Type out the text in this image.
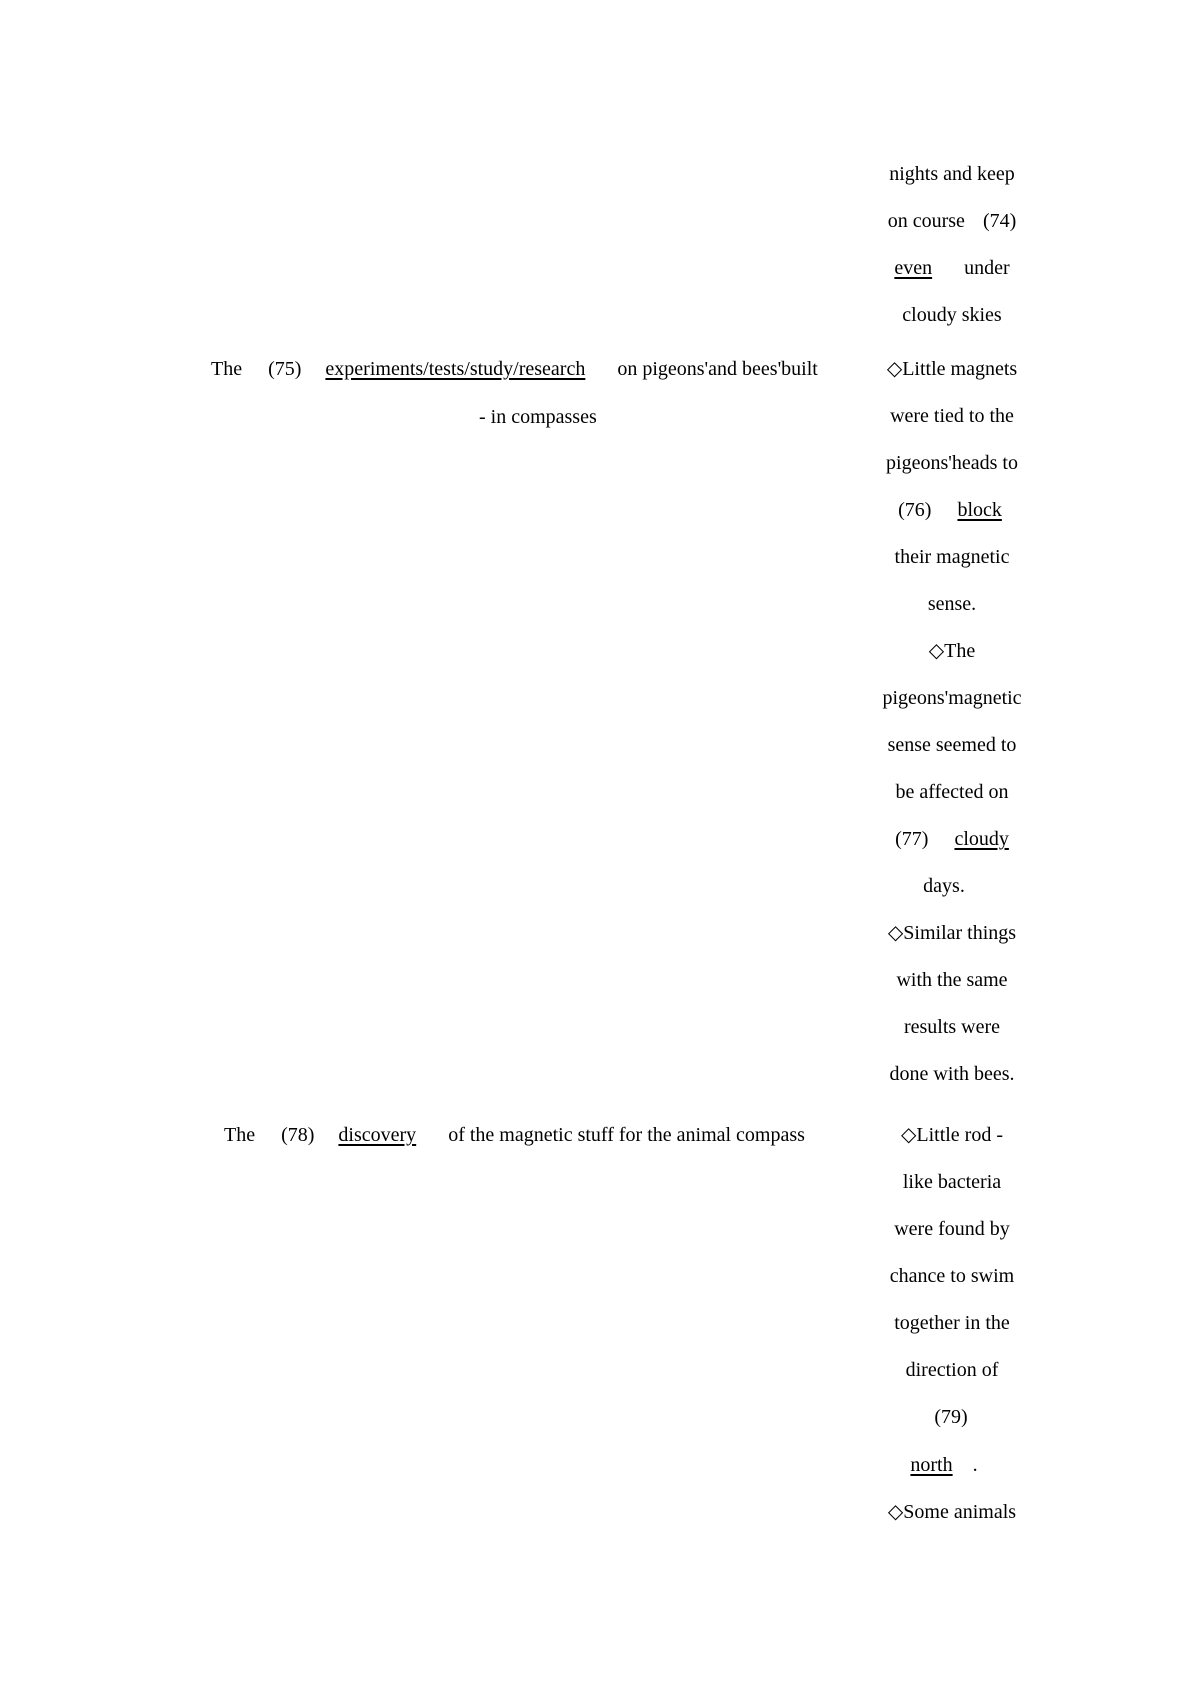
nights and keep
on course (74)
even under
cloudy skies
The (75) experiments/tests/study/research on pigeons'and bees'built
- in compasses
◇Little magnets
were tied to the
pigeons'heads to
(76) block
their magnetic
sense.
◇The
pigeons'magnetic
sense seemed to
be affected on
(77) cloudy
days.
◇Similar things
with the same
results were
done with bees.
The (78) discovery of the magnetic stuff for the animal compass	◇Little rod -
like bacteria
were found by
chance to swim
together in the
direction of
(79)
north .
◇Some animals
